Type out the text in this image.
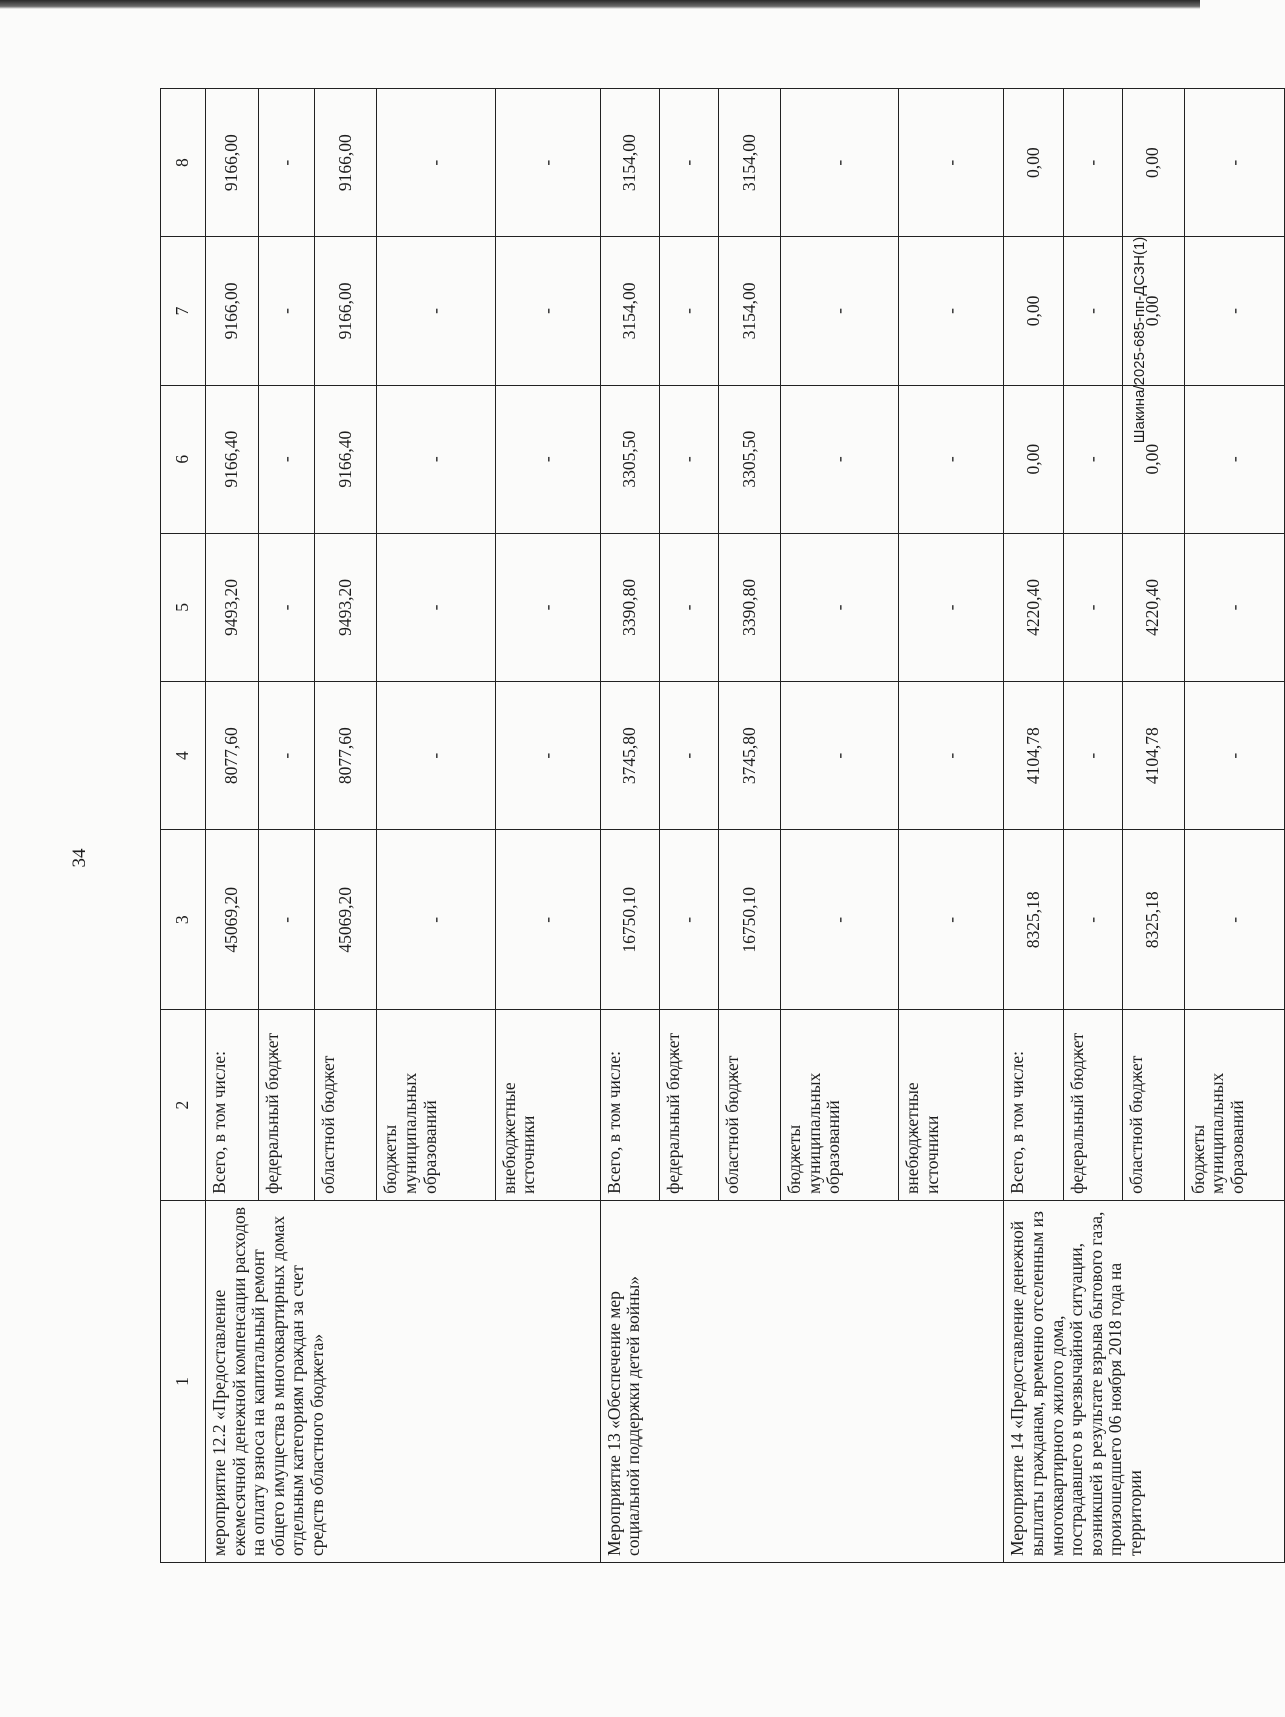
34
1	2	3	4	5	6	7	8
мероприятие 12.2 «Предоставление ежемесячной денежной компенсации расходов на оплату взноса на капитальный ремонт общего имущества в многоквартирных домах отдельным категориям граждан за счет средств областного бюджета»	Всего, в том числе:	45069,20	8077,60	9493,20	9166,40	9166,00	9166,00
	федеральный бюджет	-	-	-	-	-	-
	областной бюджет	45069,20	8077,60	9493,20	9166,40	9166,00	9166,00
	бюджеты муниципальных образований	-	-	-	-	-	-
	внебюджетные источники	-	-	-	-	-	-
Мероприятие 13 «Обеспечение мер социальной поддержки детей войны»	Всего, в том числе:	16750,10	3745,80	3390,80	3305,50	3154,00	3154,00
	федеральный бюджет	-	-	-	-	-	-
	областной бюджет	16750,10	3745,80	3390,80	3305,50	3154,00	3154,00
	бюджеты муниципальных образований	-	-	-	-	-	-
	внебюджетные источники	-	-	-	-	-	-
Мероприятие 14 «Предоставление денежной выплаты гражданам, временно отселенным из многоквартирного жилого дома, пострадавшего в чрезвычайной ситуации, возникшей в результате взрыва бытового газа, произошедшего 06 ноября 2018 года на территории	Всего, в том числе:	8325,18	4104,78	4220,40	0,00	0,00	0,00
	федеральный бюджет	-	-	-	-	-	-
	областной бюджет	8325,18	4104,78	4220,40	0,00	0,00	0,00
	бюджеты муниципальных образований	-	-	-	-	-	-
Шакина/2025-685-пп-ДСЗН(1)
